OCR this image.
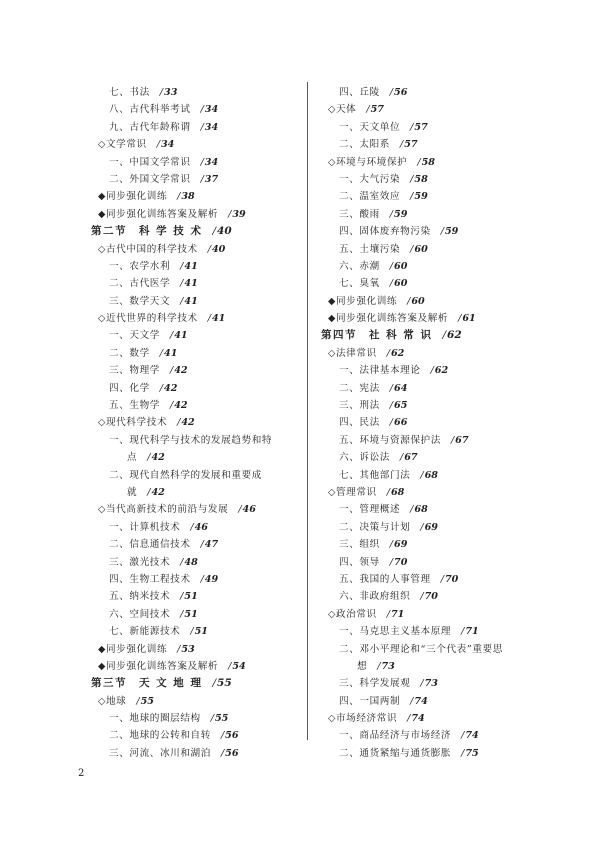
七、书法 / 33
八、古代科举考试 / 34
九、古代年龄称谓 / 34
◇文学常识 / 34
一、中国文学常识 / 34
二、外国文学常识 / 37
◆同步强化训练 / 38
◆同步强化训练答案及解析 / 39
第二节　科 学 技 术 / 40
◇古代中国的科学技术 / 40
一、农学水利 / 41
二、古代医学 / 41
三、数学天文 / 41
◇近代世界的科学技术 / 41
一、天文学 / 41
二、数学 / 41
三、物理学 / 42
四、化学 / 42
五、生物学 / 42
◇现代科学技术 / 42
一、现代科学与技术的发展趋势和特
点 / 42
二、现代自然科学的发展和重要成
就 / 42
◇当代高新技术的前沿与发展 / 46
一、计算机技术 / 46
二、信息通信技术 / 47
三、激光技术 / 48
四、生物工程技术 / 49
五、纳米技术 / 51
六、空间技术 / 51
七、新能源技术 / 51
◆同步强化训练 / 53
◆同步强化训练答案及解析 / 54
第三节　天 文 地 理 / 55
◇地球 / 55
一、地球的圈层结构 / 55
二、地球的公转和自转 / 56
三、河流、冰川和湖泊 / 56
四、丘陵 / 56
◇天体 / 57
一、天文单位 / 57
二、太阳系 / 57
◇环境与环境保护 / 58
一、大气污染 / 58
二、温室效应 / 59
三、酸雨 / 59
四、固体废弃物污染 / 59
五、土壤污染 / 60
六、赤潮 / 60
七、臭氧 / 60
◆同步强化训练 / 60
◆同步强化训练答案及解析 / 61
第四节　社 科 常 识 / 62
◇法律常识 / 62
一、法律基本理论 / 62
二、宪法 / 64
三、刑法 / 65
四、民法 / 66
五、环境与资源保护法 / 67
六、诉讼法 / 67
七、其他部门法 / 68
◇管理常识 / 68
一、管理概述 / 68
二、决策与计划 / 69
三、组织 / 69
四、领导 / 70
五、我国的人事管理 / 70
六、非政府组织 / 70
◇政治常识 / 71
一、马克思主义基本原理 / 71
二、邓小平理论和“三个代表”重要思
想 / 73
三、科学发展观 / 73
四、一国两制 / 74
◇市场经济常识 / 74
一、商品经济与市场经济 / 74
二、通货紧缩与通货膨胀 / 75
2
